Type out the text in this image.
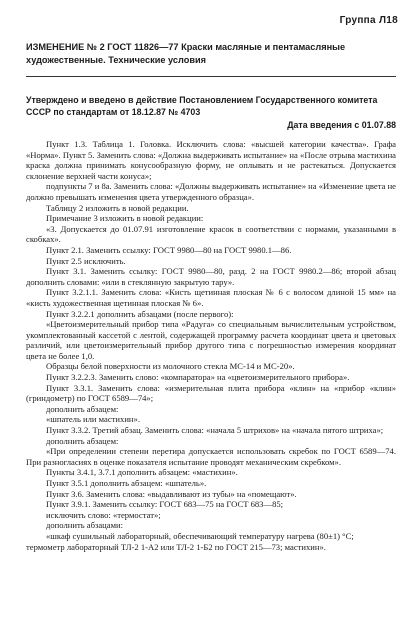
Группа Л18
ИЗМЕНЕНИЕ № 2 ГОСТ 11826—77 Краски масляные и пентамасляные художественные. Технические условия
Утверждено и введено в действие Постановлением Государственного комитета СССР по стандартам от 18.12.87 № 4703
Дата введения с 01.07.88

Пункт 1.3. Таблица 1. Головка. Исключить слова: «высшей категории качества». Графа «Норма». Пункт 5. Заменить слова: «Должна выдерживать испытание» на «После отрыва мастихина краска должна принимать конусообразную форму, не оплывать и не растекаться. Допускается склонение верхней части конуса»;

подпункты 7 и 8а. Заменить слова: «Должны выдерживать испытание» на «Изменение цвета не должно превышать изменения цвета утвержденного образца».

Таблицу 2 изложить в новой редакции.

Примечание 3 изложить в новой редакции:

«3. Допускается до 01.07.91 изготовление красок в соответствии с нормами, указанными в скобках».

Пункт 2.1. Заменить ссылку: ГОСТ 9980—80 на ГОСТ 9980.1—86.

Пункт 2.5 исключить.

Пункт 3.1. Заменить ссылку: ГОСТ 9980—80, разд. 2 на ГОСТ 9980.2—86; второй абзац дополнить словами: «или в стеклянную закрытую тару».

Пункт 3.2.1.1. Заменить слова: «Кисть щетинная плоская № 6 с волосом длиной 15 мм» на «кисть художественная щетинная плоская № 6».

Пункт 3.2.2.1 дополнить абзацами (после первого):

«Цветоизмерительный прибор типа «Радуга» со специальным вычислительным устройством, укомплектованный кассетой с лентой, содержащей программу расчета координат цвета и цветовых различий, или цветоизмерительный прибор другого типа с погрешностью измерения координат цвета не более 1,0.

Образцы белой поверхности из молочного стекла МС-14 и МС-20».

Пункт 3.2.2.3. Заменить слово: «компаратора» на «цветоизмерительного прибора».

Пункт 3.3.1. Заменить слова: «измерительная плита прибора «клин» на «прибор «клин» (гриндометр) по ГОСТ 6589—74»;

дополнить абзацем:

«шпатель или мастихин».

Пункт 3.3.2. Третий абзац. Заменить слова: «начала 5 штрихов» на «начала пятого штриха»;

дополнить абзацем:

«При определении степени перетира допускается использовать скребок по ГОСТ 6589—74. При разногласиях в оценке показателя испытание проводят механическим скребком».

Пункты 3.4.1, 3.7.1 дополнить абзацем: «мастихин».

Пункт 3.5.1 дополнить абзацем: «шпатель».

Пункт 3.6. Заменить слова: «выдавливают из тубы» на «помещают».

Пункт 3.9.1. Заменить ссылку: ГОСТ 683—75 на ГОСТ 683—85;

исключить слово: «термостат»;

дополнить абзацами:

«шкаф сушильный лабораторный, обеспечивающий температуру нагрева (80±1) °С;

термометр лабораторный ТЛ-2 1-А2 или ТЛ-2 1-Б2 по ГОСТ 215—73; мастихин».
